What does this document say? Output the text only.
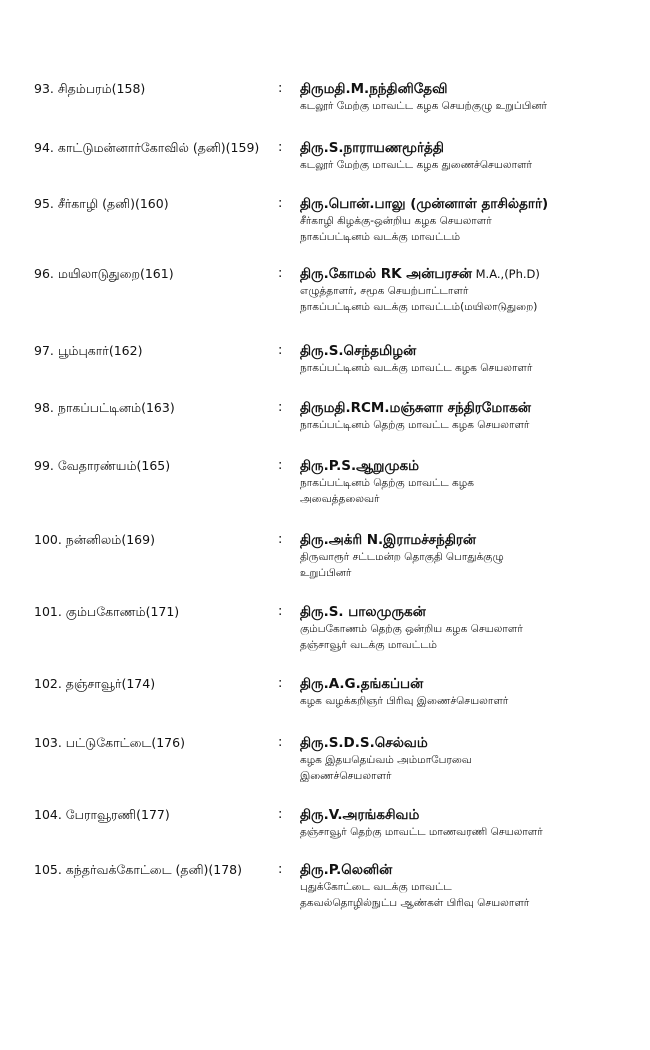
93. சிதம்பரம்(158)	: திருமதி.M.நந்தினிதேவி
கடலூர் மேற்கு மாவட்ட கழக செயற்குழு உறுப்பினர்
94. காட்டுமன்னார்கோவில் (தனி)(159)	: திரு.S.நாராயணமூர்த்தி
கடலூர் மேற்கு மாவட்ட கழக துணைச்செயலாளர்
95. சீர்காழி (தனி)(160)	: திரு.பொன்.பாலு (முன்னாள் தாசில்தார்)
சீர்காழி கிழக்கு-ஒன்றிய கழக செயலாளர்
நாகப்பட்டினம் வடக்கு மாவட்டம்
96. மயிலாடுதுறை(161)	: திரு.கோமல் RK அன்பரசன் M.A.,(Ph.D)
எழுத்தாளர், சமூக செயற்பாட்டாளர்
நாகப்பட்டினம் வடக்கு மாவட்டம்(மயிலாடுதுறை)
97. பூம்புகார்(162)	: திரு.S.செந்தமிழன்
நாகப்பட்டினம் வடக்கு மாவட்ட கழக செயலாளர்
98. நாகப்பட்டினம்(163)	: திருமதி.RCM.மஞ்சுளா சந்திரமோகன்
நாகப்பட்டினம் தெற்கு மாவட்ட கழக செயலாளர்
99. வேதாரண்யம்(165)	: திரு.P.S.ஆறுமுகம்
நாகப்பட்டினம் தெற்கு மாவட்ட கழக
அவைத்தலைவர்
100. நன்னிலம்(169)	: திரு.அக்ரி N.இராமச்சந்திரன்
திருவாரூர் சட்டமன்ற தொகுதி பொதுக்குழு
உறுப்பினர்
101. கும்பகோணம்(171)	: திரு.S. பாலமுருகன்
கும்பகோணம் தெற்கு ஒன்றிய கழக செயலாளர்
தஞ்சாவூர் வடக்கு மாவட்டம்
102. தஞ்சாவூர்(174)	: திரு.A.G.தங்கப்பன்
கழக வழக்கறிஞர் பிரிவு இணைச்செயலாளர்
103. பட்டுகோட்டை(176)	: திரு.S.D.S.செல்வம்
கழக இதயதெய்வம் அம்மாபேரவை
இணைச்செயலாளர்
104. பேராவூரணி(177)	: திரு.V.அரங்கசிவம்
தஞ்சாவூர் தெற்கு மாவட்ட மாணவரணி செயலாளர்
105. கந்தர்வக்கோட்டை (தனி)(178)	: திரு.P.லெனின்
புதுக்கோட்டை வடக்கு மாவட்ட
தகவல்தொழில்நுட்ப ஆண்கள் பிரிவு செயலாளர்
